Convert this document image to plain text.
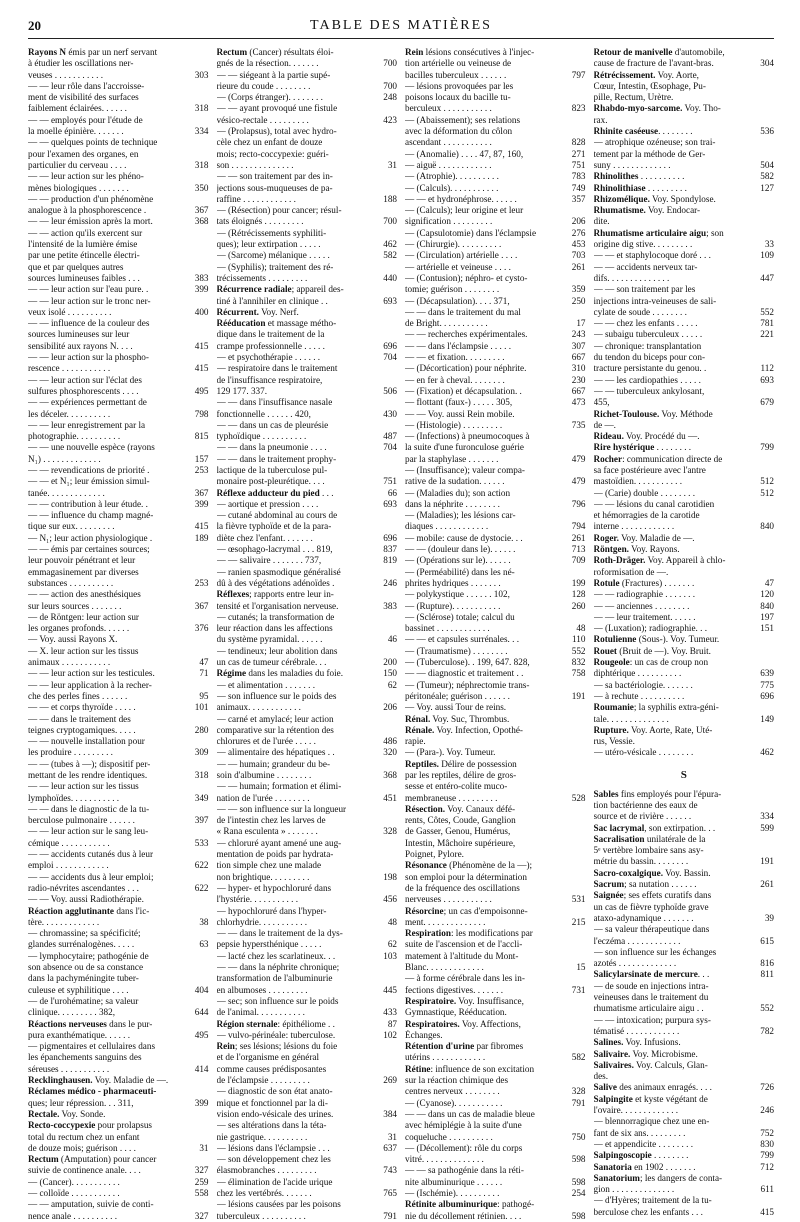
20	TABLE DES MATIÈRES
Rayons N émis par un nerf servant
à étudier les oscillations ner-
veuses . . . . . . . . . . .	303
— — leur rôle dans l'accroisse-
ment de visibilité des surfaces
faiblement éclairées. . . . . .	318
— — employés pour l'étude de
la moelle épinière. . . . . . .	334
— — quelques points de technique
pour l'examen des organes, en
particulier du cerveau . . . .	318
— — leur action sur les phéno-
mènes biologiques . . . . . . .	350
— — production d'un phénomène
analogue à la phosphorescence .	367
— — leur émission après la mort.	368
— — action qu'ils exercent sur
l'intensité de la lumière émise
par une petite étincelle électri-
que et par quelques autres
sources lumineuses faibles . . .	383
— — leur action sur l'eau pure. .	399
— — leur action sur le tronc ner-
veux isolé . . . . . . . . . .	400
— — influence de la couleur des
sources lumineuses sur leur
sensibilité aux rayons N. . . .	415
— — leur action sur la phospho-
rescence . . . . . . . . . . .	415
— — leur action sur l'éclat des
sulfures phosphorescents . . . .	495
— — expériences permettant de
les déceler. . . . . . . . . .	798
— — leur enregistrement par la
photographie. . . . . . . . . .	815
— — une nouvelle espèce (rayons
N₁) . . . . . . . . . . . . .	157
— — revendications de priorité .	253
— — et N₁; leur émission simul-
tanée. . . . . . . . . . . . .	367
— — contribution à leur étude. .	399
— — influence du champ magné-
tique sur eux. . . . . . . . .	415
— N₁; leur action physiologique .	189
— — émis par certaines sources;
leur pouvoir pénétrant et leur
emmagasinement par diverses
substances . . . . . . . . . .	253
— — action des anesthésiques
sur leurs sources . . . . . . .	367
— de Röntgen: leur action sur
les organes profonds. . . . . .	376
— Voy. aussi Rayons X.
— X. leur action sur les tissus
animaux . . . . . . . . . . .	47
— — leur action sur les testicules.	71
— — leur application à la recher-
che des perles fines . . . . . .	95
— — et corps thyroïde . . . . .	101
— — dans le traitement des
teignes cryptogamiques. . . . .	280
— — nouvelle installation pour
les produire . . . . . . . . .	309
— — (tubes à —); dispositif per-
mettant de les rendre identiques.	318
— — leur action sur les tissus
lymphoïdes. . . . . . . . . . .	349
— — dans le diagnostic de la tu-
berculose pulmonaire . . . . . .	397
— — leur action sur le sang leu-
cémique . . . . . . . . . . .	533
— — accidents cutanés dus à leur
emploi . . . . . . . . . . . .	622
— — accidents dus à leur emploi;
radio-névrites ascendantes . . .	622
— — Voy. aussi Radiothérapie.
Réaction agglutinante dans l'ic-
tère. . . . . . . . . . . . .	38
— chromassine; sa spécificité;
glandes surrénalogènes. . . . .	63
— lymphocytaire; pathogénie de
son absence ou de sa constance
dans la pachyméningite tuber-
culeuse et syphilitique . . . .	404
— de l'urohématine; sa valeur
clinique. . . . . . . . . 382,	644
Réactions nerveuses dans le pur-
pura exanthématique. . . . . .	495
— pigmentaires et cellulaires dans
les épanchements sanguins des
séreuses . . . . . . . . . . .	414
Recklinghausen. Voy. Maladie de —.
Réclames médico - pharmaceuti-
ques; leur répression. . . 311,	399
Rectale. Voy. Sonde.
Recto-coccypexie pour prolapsus
total du rectum chez un enfant
de douze mois; guérison . . . .	31
Rectum (Amputation) pour cancer
suivie de continence anale. . . .	327
— (Cancer). . . . . . . . . . .	259
— colloïde . . . . . . . . . . .	558
— — amputation, suivie de conti-
nence anale . . . . . . . . . .	327
Rectum (Cancer) résultats éloi-
gnés de la résection. . . . . . .	700
— — siégeant à la partie supé-
rieure du coude . . . . . . . .	700
— (Corps étranger). . . . . . . .	248
— — ayant provoqué une fistule
vésico-rectale . . . . . . . . .	423
— (Prolapsus), total avec hydro-
cèle chez un enfant de douze
mois; recto-coccypexie: guéri-
son . . . . . . . . . . . . . .	31
— — son traitement par des in-
jections sous-muqueuses de pa-
raffine . . . . . . . . . . . .	188
— (Résection) pour cancer; résul-
tats éloignés . . . . . . . . .	700
— (Rétrécissements syphiliti-
ques); leur extirpation . . . . .	462
— (Sarcome) mélanique . . . . .	582
— (Syphilis); traitement des ré-
trécissements . . . . . . . . .	440
Récurrence radiale; appareil des-
tiné à l'annihiler en clinique . .	693
Récurrent. Voy. Nerf.
Rééducation et massage métho-
dique dans le traitement de la
crampe professionnelle . . . . .	696
— et psychothérapie . . . . . .	704
— respiratoire dans le traitement
de l'insuffisance respiratoire,
129 177. 337.	506
— — dans l'insuffisance nasale
fonctionnelle . . . . . . 420,	430
— — dans un cas de pleurésie
typhoïdique . . . . . . . . . .	487
— — dans la pneumonie . . . .	704
— — dans le traitement prophy-
lactique de la tuberculose pul-
monaire post-pleurétique. . . .	751
Réflexe adducteur du pied . . .	66
— aortique et pression . . . .	693
— cutané abdominal au cours de
la fièvre typhoïde et de la para-
diète chez l'enfant. . . . . . .	696
— œsophago-lacrymal . . . 819,	837
— — salivaire . . . . . . . 737,	819
— ranien spasmodique généralisé
dû à des végétations adénoïdes .	246
Réflexes; rapports entre leur in-
tensité et l'organisation nerveuse.	383
— cutanés; la transformation de
leur réaction dans les affections
du système pyramidal. . . . . .	46
— tendineux; leur abolition dans
un cas de tumeur cérébrale. . .	200
Régime dans les maladies du foie.	150
— et alimentation . . . . . . .	62
— son influence sur le poids des
animaux. . . . . . . . . . . .	206
— carné et amylacé; leur action
comparative sur la rétention des
chlorures et de l'urée . . . . .	486
— alimentaire des hépatiques . .	320
— — humain; grandeur du be-
soin d'albumine . . . . . . . .	368
— — humain; formation et élimi-
nation de l'urée . . . . . . . .	451
— — son influence sur la longueur
de l'intestin chez les larves de
« Rana esculenta » . . . . . . .	328
— chloruré ayant amené une aug-
mentation de poids par hydrata-
tion simple chez une malade
non brightique. . . . . . . . .	198
— hyper- et hypochloruré dans
l'hystérie. . . . . . . . . . .	456
— hypochloruré dans l'hyper-
chlorhydrie. . . . . . . . . . .	48
— — dans le traitement de la dys-
pepsie hypersthénique . . . . .	62
— lacté chez les scarlatineux. . .	103
— — dans la néphrite chronique;
transformation de l'albuminurie
en albumoses . . . . . . . . .	445
— sec; son influence sur le poids
de l'animal. . . . . . . . . . .	433
Région sternale: épithéliome . .	87
— vulvo-périnéale: tuberculose.	102
Rein; ses lésions; lésions du foie
et de l'organisme en général
comme causes prédisposantes
de l'éclampsie . . . . . . . . .	269
— diagnostic de son état anato-
mique et fonctionnel par la di-
vision endo-vésicale des urines.	384
— ses altérations dans la téta-
nie gastrique. . . . . . . . . .	31
— lésions dans l'éclampsie . . .	637
— son développement chez les
élasmobranches . . . . . . . . .	743
— élimination de l'acide urique
chez les vertébrés. . . . . . .	765
— lésions causées par les poisons
tuberculeux . . . . . . . . . .	791
Rein lésions consécutives à l'injec-
tion artérielle ou veineuse de
bacilles tuberculeux . . . . . .	797
— lésions provoquées par les
poisons locaux du bacille tu-
berculeux . . . . . . . . . . .	823
— (Abaissement); ses relations
avec la déformation du côlon
ascendant . . . . . . . . . . .	828
— (Anomalie) . . . . 47, 87, 160,	271
— aiguë . . . . . . . . . . . .	751
— (Atrophie). . . . . . . . . .	783
— (Calculs). . . . . . . . . . .	749
— — et hydronéphrose. . . . . .	357
— (Calculs); leur origine et leur
signification . . . . . . . . .	206
— (Capsulotomie) dans l'éclampsie	276
— (Chirurgie). . . . . . . . . .	453
— (Circulation) artérielle . . . .	703
— artérielle et veineuse . . . .	261
— (Contusion); néphro- et cysto-
tomie; guérison . . . . . . . .	359
— (Décapsulation). . . . 371,	250
— — dans le traitement du mal
de Bright. . . . . . . . . . .	17
— — recherches expérimentales.	243
— — dans l'éclampsie . . . . .	307
— — et fixation. . . . . . . . .	667
— (Décortication) pour néphrite.	310
— en fer à cheval. . . . . . . .	230
— (Fixation) et décapsulation. .	667
— flottant (faux-) . . . . . 305,	473
— — Voy. aussi Rein mobile.
— (Histologie) . . . . . . . . .	735
— (Infections) à pneumocoques à
la suite d'une furonculose guérie
par la staphylase . . . . . . .	479
— (Insuffisance); valeur compa-
rative de la sudation. . . . . .	479
— (Maladies du); son action
dans la néphrite . . . . . . . .	796
— (Maladies); les lésions car-
diaques . . . . . . . . . . . .	794
— mobile: cause de dystocie. . .	261
— — (douleur dans le). . . . . .	713
— (Opérations sur le). . . . . .	709
— (Perméabilité) dans les né-
phrites hydriques . . . . . . .	199
— polykystique . . . . . . 102,	128
— (Rupture). . . . . . . . . . .	260
— (Sclérose) totale; calcul du
bassinet . . . . . . . . . . . .	48
— — et capsules surrénales. . .	110
— (Traumatisme) . . . . . . . .	552
— (Tuberculose). . 199, 647. 828,	832
— — diagnostic et traitement . .	758
— (Tumeur); néphrectomie trans-
péritonéale; guérison . . . . . .	191
— Voy. aussi Tour de reins.
Rénal. Voy. Suc, Thrombus.
Rénale. Voy. Infection, Opothé-
rapie.
— (Para-). Voy. Tumeur.
Reptiles. Délire de possession
par les reptiles, délire de gros-
sesse et entéro-colite muco-
membraneuse . . . . . . . . .	528
Résection. Voy. Canaux défé-
rents, Côtes, Coude, Ganglion
de Gasser, Genou, Humérus,
Intestin, Mâchoire supérieure,
Poignet, Pylore.
Résonance (Phénomène de la —);
son emploi pour la détermination
de la fréquence des oscillations
nerveuses . . . . . . . . . . .	531
Résorcine; un cas d'empoisonne-
ment. . . . . . . . . . . . . .	215
Respiration: les modifications par
suite de l'ascension et de l'accli-
matement à l'altitude du Mont-
Blanc. . . . . . . . . . . . .	15
— à forme cérébrale dans les in-
fections digestives. . . . . . .	731
Respiratoire. Voy. Insuffisance,
Gymnastique, Rééducation.
Respiratoires. Voy. Affections,
Échanges.
Rétention d'urine par fibromes
utérins . . . . . . . . . . . .	582
Rétine: influence de son excitation
sur la réaction chimique des
centres nerveux . . . . . . . .	328
— (Cyanose). . . . . . . . . . .	791
— — dans un cas de maladie bleue
avec hémiplégie à la suite d'une
coqueluche . . . . . . . . . .	750
— (Décollement): rôle du corps
vitré. . . . . . . . . . . . . .	598
— — sa pathogénie dans la réti-
nite albuminurique . . . . . .	598
— (Ischémie). . . . . . . . . .	254
Rétinite albuminurique: pathogé-
nie du décollement rétinien. . . .	598
Retour de manivelle d'automobile,
cause de fracture de l'avant-bras.	304
Rétrécissement. Voy. Aorte,
Cœur, Intestin, Œsophage, Pu-
pille, Rectum, Urètre.
Rhabdo-myo-sarcome. Voy. Tho-
rax.
Rhinite caséeuse. . . . . . . .	536
— atrophique ozéneuse; son trai-
tement par la méthode de Ger-
suny . . . . . . . . . . . . .	504
Rhinolithes . . . . . . . . . .	582
Rhinolithiase . . . . . . . . .	127
Rhizomélique. Voy. Spondylose.
Rhumatisme. Voy. Endocar-
dite.
Rhumatisme articulaire aigu; son
origine dig stive. . . . . . . . .	33
— — et staphylocoque doré . . .	109
— — accidents nerveux tar-
difs. . . . . . . . . . . . . .	447
— — son traitement par les
injections intra-veineuses de sali-
cylate de soude . . . . . . . .	552
— — chez les enfants . . . . .	781
— subaigu tuberculeux . . . . .	221
— chronique: transplantation
du tendon du biceps pour con-
tracture persistante du genou. .	112
— — les cardiopathies . . . . .	693
— — tuberculeux ankylosant,
455,	679
Richet-Toulouse. Voy. Méthode
de —.
Rideau. Voy. Procédé du —.
Rire hystérique . . . . . . . .	799
Rocher: communication directe de
sa face postérieure avec l'antre
mastoïdien. . . . . . . . . . .	512
— (Carie) double . . . . . . . .	512
— — lésions du canal carotidien
et hémorragies de la carotide
interne . . . . . . . . . . . .	840
Roger. Voy. Maladie de —.
Röntgen. Voy. Rayons.
Roth-Dräger. Voy. Appareil à chlo-
roformisation de —.
Rotule (Fractures) . . . . . . .	47
— — radiographie . . . . . . .	120
— — anciennes . . . . . . . .	840
— — leur traitement. . . . . .	197
— (Luxation); radiographie. . .	151
Rotulienne (Sous-). Voy. Tumeur.
Rouet (Bruit de —). Voy. Bruit.
Rougeole: un cas de croup non
diphtérique . . . . . . . . . .	639
— sa bactériologie. . . . . . .	775
— à rechute . . . . . . . . . .	696
Roumanie; la syphilis extra-géni-
tale. . . . . . . . . . . . . .	149
Rupture. Voy. Aorte, Rate, Uté-
rus, Vessie.
— utéro-vésicale . . . . . . . .	462
S
Sables fins employés pour l'épura-
tion bactérienne des eaux de
source et de rivière . . . . . .	334
Sac lacrymal, son extirpation. . .	599
Sacralisation unilatérale de la
5ᵉ vertèbre lombaire sans asy-
métrie du bassin. . . . . . . .	191
Sacro-coxalgique. Voy. Bassin.
Sacrum; sa nutation . . . . . .	261
Saignée; ses effets curatifs dans
un cas de fièvre typhoïde grave
ataxo-adynamique . . . . . . .	39
— sa valeur thérapeutique dans
l'eczéma . . . . . . . . . . . .	615
— son influence sur les échanges
azotés . . . . . . . . . . . . .	816
Salicylarsinate de mercure. . .	811
— de soude en injections intra-
veineuses dans le traitement du
rhumatisme articulaire aigu . .	552
— — intoxication; purpura sys-
tématisé . . . . . . . . . . . .	782
Salines. Voy. Infusions.
Salivaire. Voy. Microbisme.
Salivaires. Voy. Calculs, Glan-
des.
Salive des animaux enragés. . . .	726
Salpingite et kyste végétant de
l'ovaire. . . . . . . . . . . . .	246
— blennorragique chez une en-
fant de six ans. . . . . . . . .	752
— et appendicite . . . . . . . .	830
Salpingoscopie . . . . . . . .	799
Sanatoria en 1902 . . . . . . .	712
Sanatorium; les dangers de conta-
gion . . . . . . . . . . . . . .	611
— d'Hyères; traitement de la tu-
berculose chez les enfants . . .	415
